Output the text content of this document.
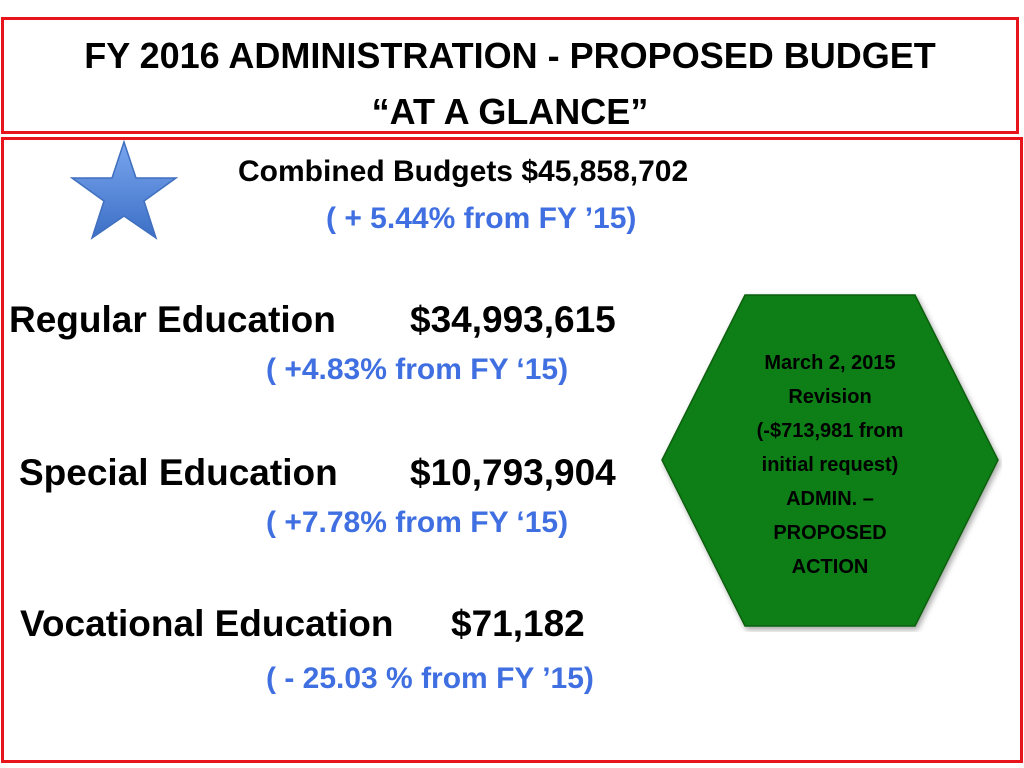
FY 2016 ADMINISTRATION - PROPOSED BUDGET
“AT A GLANCE”
Combined Budgets $45,858,702
( + 5.44% from FY ’15)
Regular Education $34,993,615
( +4.83% from FY ‘15)
Special Education $10,793,904
( +7.78% from FY ‘15)
Vocational Education $71,182
( - 25.03 % from FY ’15)
March 2, 2015
Revision
(-$713,981 from
initial request)
ADMIN. –
PROPOSED
ACTION
